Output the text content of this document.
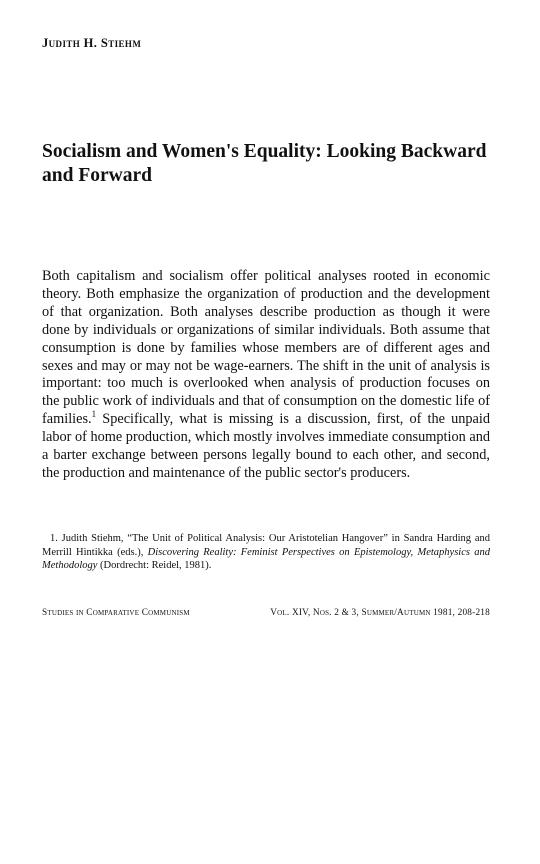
Judith H. Stiehm
Socialism and Women's Equality: Looking Backward
and Forward
Both capitalism and socialism offer political analyses rooted in economic theory. Both emphasize the organization of production and the development of that organization. Both analyses describe production as though it were done by individuals or organizations of similar individuals. Both assume that consumption is done by families whose members are of different ages and sexes and may or may not be wage-earners. The shift in the unit of analysis is important: too much is overlooked when analysis of production focuses on the public work of individuals and that of consumption on the domestic life of families.$^1$ Specifically, what is missing is a discussion, first, of the unpaid labor of home production, which mostly involves immediate consumption and a barter exchange between persons legally bound to each other, and second, the production and maintenance of the public sector's producers.
1. Judith Stiehm, “The Unit of Political Analysis: Our Aristotelian Hangover” in Sandra Harding and Merrill Hintikka (eds.), Discovering Reality: Feminist Perspectives on Epistemology, Metaphysics and Methodology (Dordrecht: Reidel, 1981).
Studies in Comparative Communism	Vol. XIV, Nos. 2 & 3, Summer/Autumn 1981, 208-218
